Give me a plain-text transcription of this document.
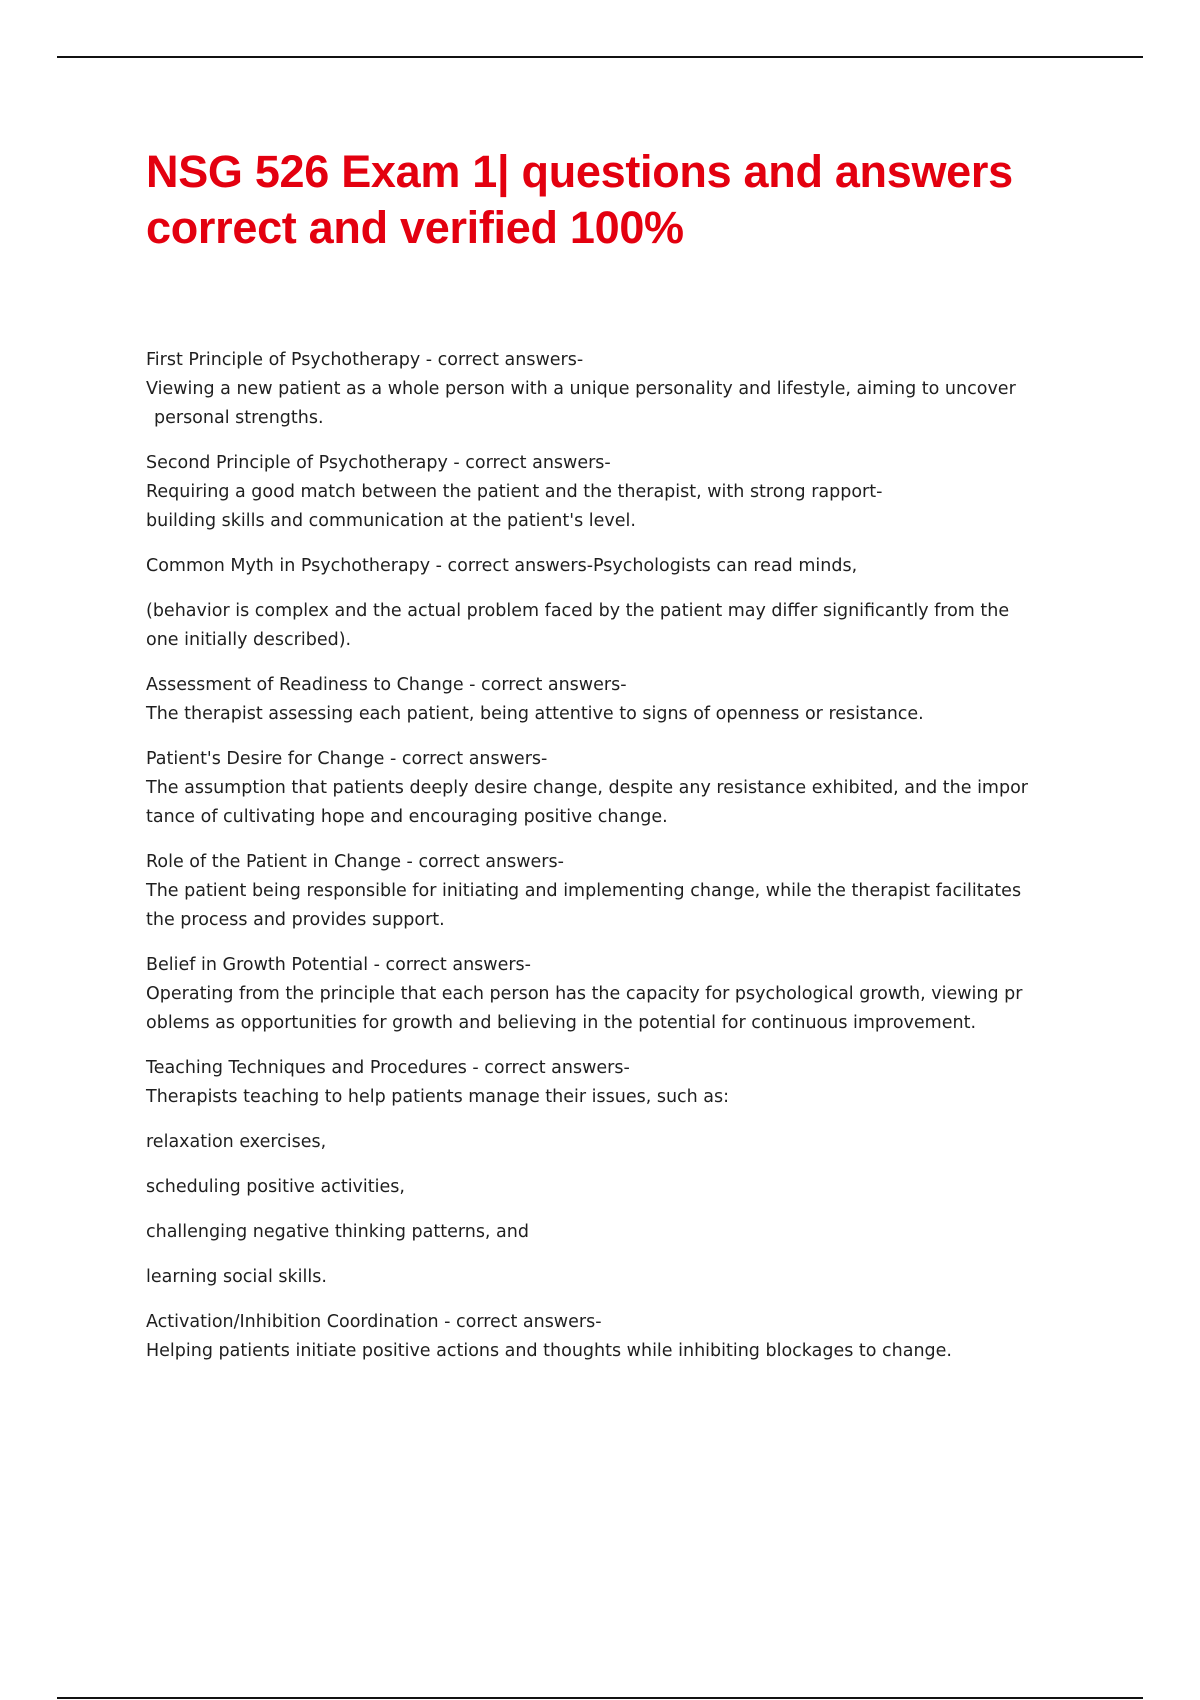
NSG 526 Exam 1| questions and answers
correct and verified 100%

First Principle of Psychotherapy - correct answers-

Viewing a new patient as a whole person with a unique personality and lifestyle, aiming to uncover

personal strengths.

Second Principle of Psychotherapy - correct answers-

Requiring a good match between the patient and the therapist, with strong rapport-

building skills and communication at the patient's level.

Common Myth in Psychotherapy - correct answers-Psychologists can read minds,

(behavior is complex and the actual problem faced by the patient may differ significantly from the

one initially described).

Assessment of Readiness to Change - correct answers-

The therapist assessing each patient, being attentive to signs of openness or resistance.

Patient's Desire for Change - correct answers-

The assumption that patients deeply desire change, despite any resistance exhibited, and the impor

tance of cultivating hope and encouraging positive change.

Role of the Patient in Change - correct answers-

The patient being responsible for initiating and implementing change, while the therapist facilitates

the process and provides support.

Belief in Growth Potential - correct answers-

Operating from the principle that each person has the capacity for psychological growth, viewing pr

oblems as opportunities for growth and believing in the potential for continuous improvement.

Teaching Techniques and Procedures - correct answers-

Therapists teaching to help patients manage their issues, such as:

relaxation exercises,

scheduling positive activities,

challenging negative thinking patterns, and

learning social skills.

Activation/Inhibition Coordination - correct answers-

Helping patients initiate positive actions and thoughts while inhibiting blockages to change.
